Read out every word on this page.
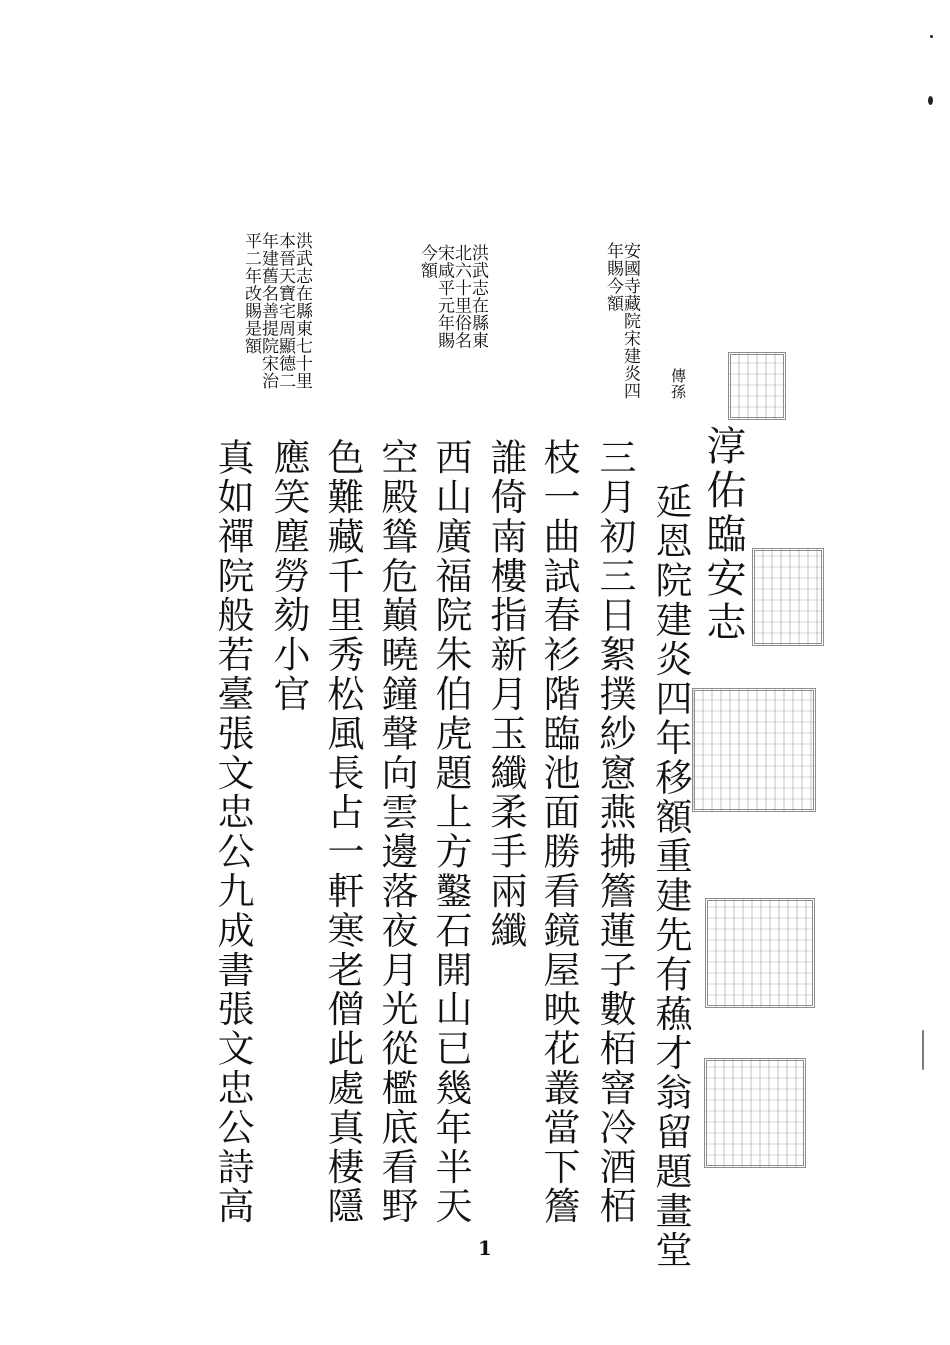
淳佑臨安志
傳孫
安國寺藏院宋建炎四年賜今額
延恩院建炎四年移額重建先有蘓才翁留題畫堂
三月初三日絮撲紗窻燕拂簷蓮子數栢窨冷酒栢
枝一曲試春衫階臨池面勝看鏡屋映花叢當下簷
誰倚南樓指新月玉纖柔手兩纖
洪武志在縣東北六十里俗名宋咸平元年賜今額
西山廣福院朱伯虎題上方鑿石開山已幾年半天
空殿聳危巔曉鐘聲向雲邊落夜月光從檻底看野
色難藏千里秀松風長占一軒寒老僧此處真棲隱
應笑塵勞劾小官
洪武志在縣東七十里本晉天寶宅周顯德二年建舊名善提院宋治平二年改賜是額
真如禪院般若臺張文忠公九成書張文忠公詩高
1
